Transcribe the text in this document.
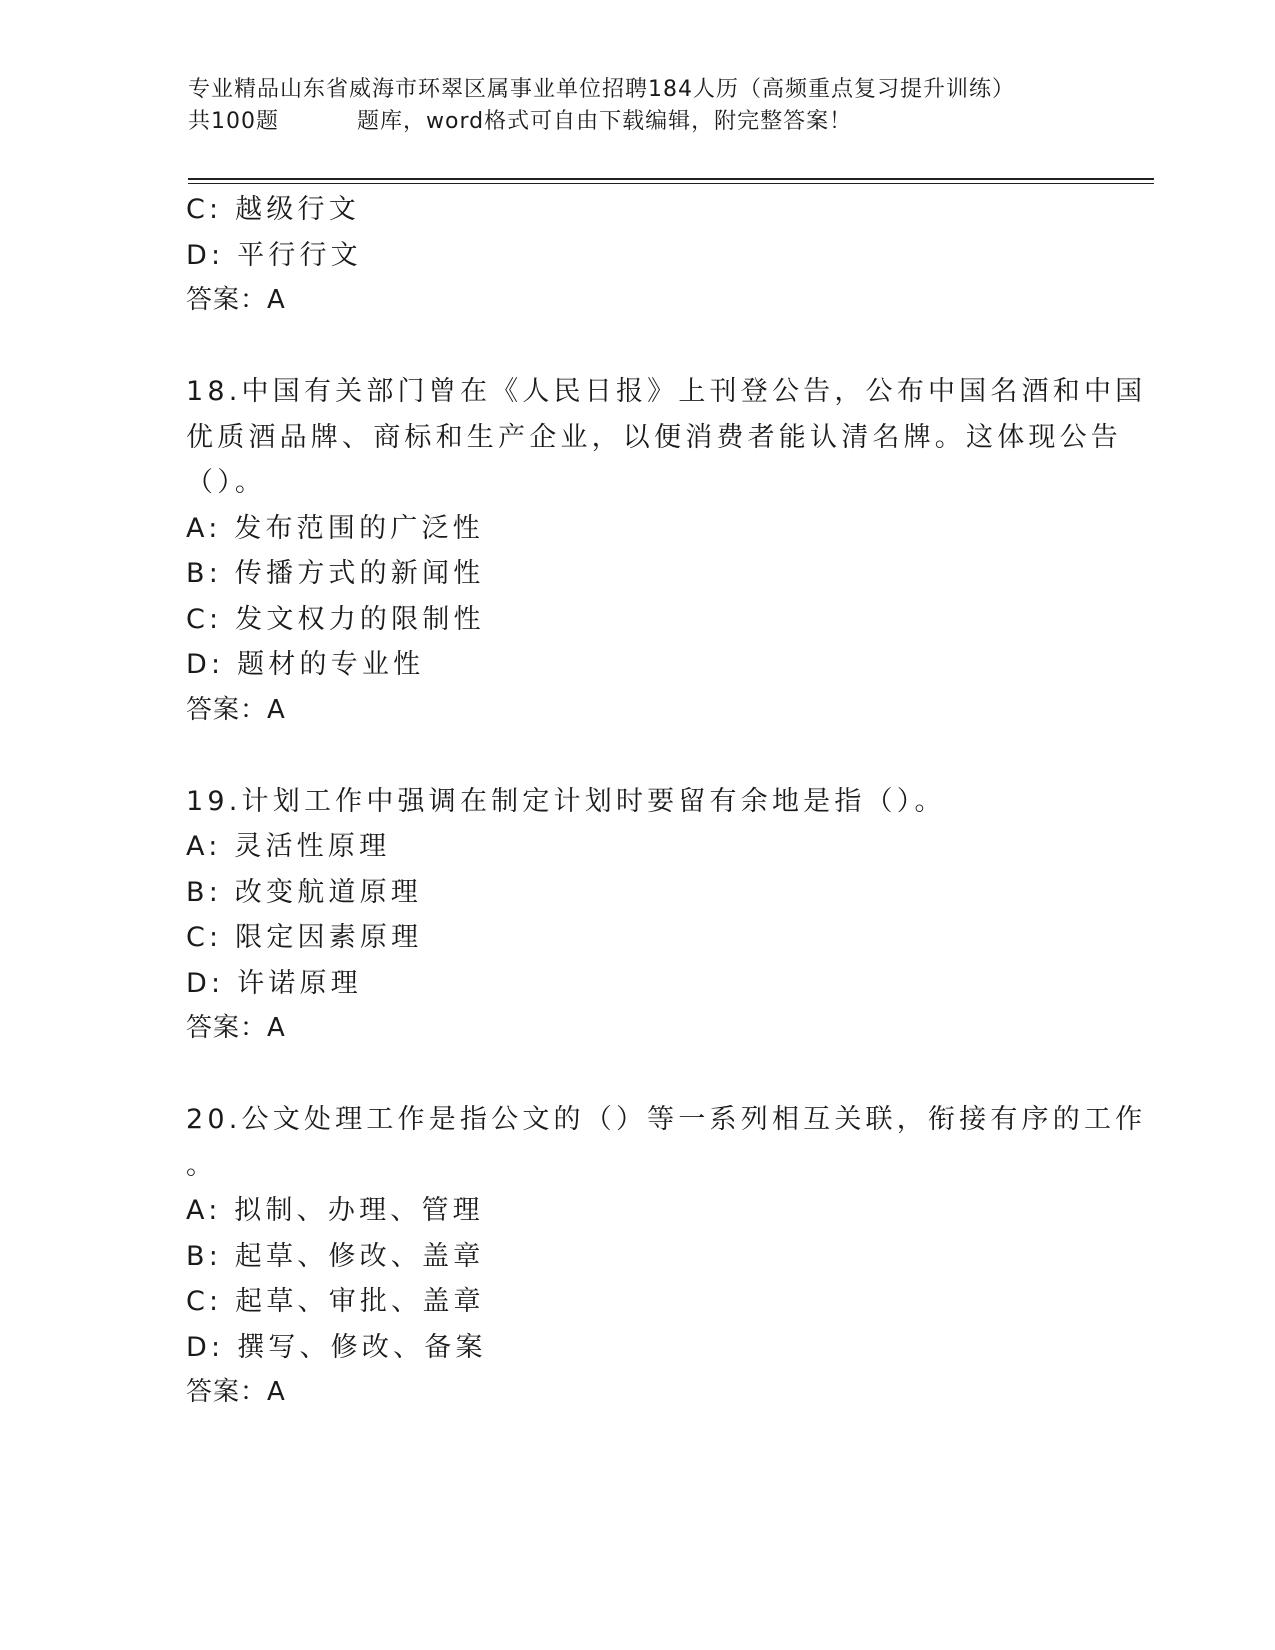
专业精品山东省威海市环翠区属事业单位招聘184人历（高频重点复习提升训练）
共100题	题库，word格式可自由下载编辑，附完整答案！
C: 越级行文
D: 平行行文
答案：A
18.中国有关部门曾在《人民日报》上刊登公告，公布中国名酒和中国
优质酒品牌、商标和生产企业，以便消费者能认清名牌。这体现公告
（）。
A: 发布范围的广泛性
B: 传播方式的新闻性
C: 发文权力的限制性
D: 题材的专业性
答案：A
19.计划工作中强调在制定计划时要留有余地是指（）。
A: 灵活性原理
B: 改变航道原理
C: 限定因素原理
D: 许诺原理
答案：A
20.公文处理工作是指公文的（）等一系列相互关联，衔接有序的工作
。
A: 拟制、办理、管理
B: 起草、修改、盖章
C: 起草、审批、盖章
D: 撰写、修改、备案
答案：A
